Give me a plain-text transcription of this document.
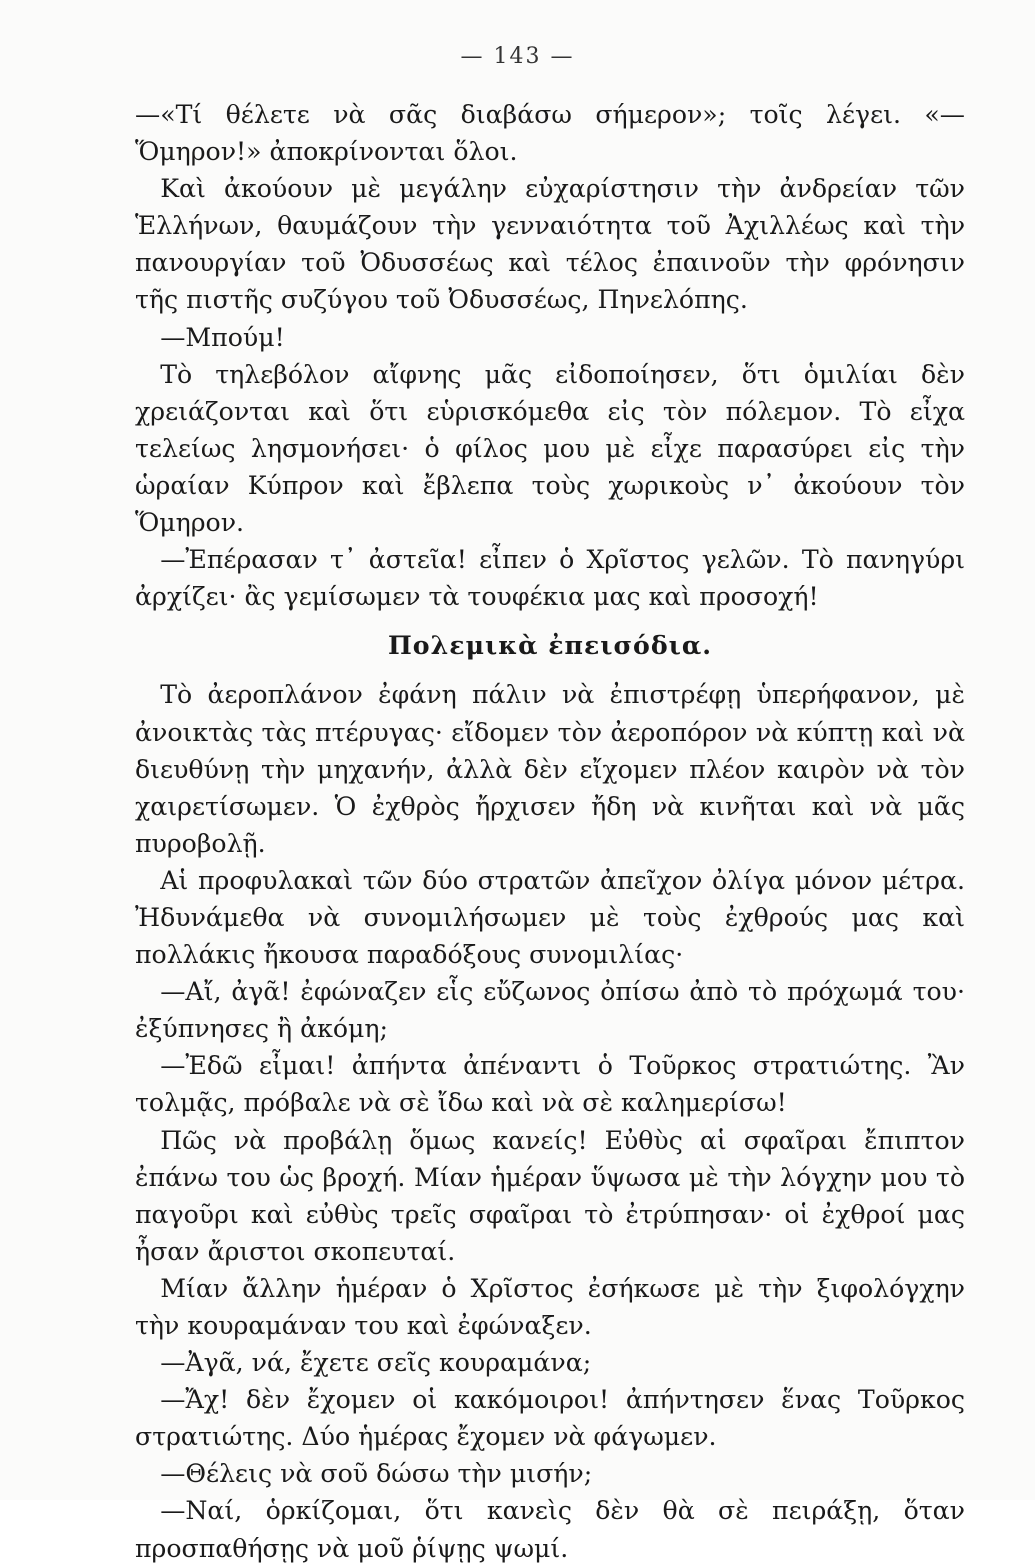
— 143 —

—«Τί θέλετε νὰ σᾶς διαβάσω σήμερον»; τοῖς λέγει. «—Ὅμηρον!» ἀποκρίνονται ὅλοι.

Καὶ ἀκούουν μὲ μεγάλην εὐχαρίστησιν τὴν ἀνδρείαν τῶν Ἑλλήνων, θαυμάζουν τὴν γενναιότητα τοῦ Ἀχιλλέως καὶ τὴν πανουργίαν τοῦ Ὀδυσσέως καὶ τέλος ἐπαινοῦν τὴν φρόνησιν τῆς πιστῆς συζύγου τοῦ Ὀδυσσέως, Πηνελόπης.

—Μπούμ!

Τὸ τηλεβόλον αἴφνης μᾶς εἰδοποίησεν, ὅτι ὁμιλίαι δὲν χρειάζονται καὶ ὅτι εὑρισκόμεθα εἰς τὸν πόλεμον. Τὸ εἶχα τελείως λησμονήσει· ὁ φίλος μου μὲ εἶχε παρασύρει εἰς τὴν ὡραίαν Κύπρον καὶ ἔβλεπα τοὺς χωρικοὺς ν᾽ ἀκούουν τὸν Ὅμηρον.

—Ἐπέρασαν τ᾽ ἀστεῖα! εἶπεν ὁ Χρῖστος γελῶν. Τὸ πανηγύρι ἀρχίζει· ἂς γεμίσωμεν τὰ τουφέκια μας καὶ προσοχή!

Πολεμικὰ ἐπεισόδια.

Τὸ ἀεροπλάνον ἐφάνη πάλιν νὰ ἐπιστρέφῃ ὑπερήφανον, μὲ ἀνοικτὰς τὰς πτέρυγας· εἴδομεν τὸν ἀεροπόρον νὰ κύπτῃ καὶ νὰ διευθύνῃ τὴν μηχανήν, ἀλλὰ δὲν εἴχομεν πλέον καιρὸν νὰ τὸν χαιρετίσωμεν. Ὁ ἐχθρὸς ἤρχισεν ἤδη νὰ κινῆται καὶ νὰ μᾶς πυροβολῇ.

Αἱ προφυλακαὶ τῶν δύο στρατῶν ἀπεῖχον ὀλίγα μόνον μέτρα. Ἠδυνάμεθα νὰ συνομιλήσωμεν μὲ τοὺς ἐχθρούς μας καὶ πολλάκις ἤκουσα παραδόξους συνομιλίας·

—Αἴ, ἀγᾶ! ἐφώναζεν εἷς εὔζωνος ὀπίσω ἀπὸ τὸ πρόχωμά του· ἐξύπνησες ἢ ἀκόμη;

—Ἐδῶ εἶμαι! ἀπήντα ἀπέναντι ὁ Τοῦρκος στρατιώτης. Ἂν τολμᾷς, πρόβαλε νὰ σὲ ἴδω καὶ νὰ σὲ καλημερίσω!

Πῶς νὰ προβάλῃ ὅμως κανείς! Εὐθὺς αἱ σφαῖραι ἔπιπτον ἐπάνω του ὡς βροχή. Μίαν ἡμέραν ὕψωσα μὲ τὴν λόγχην μου τὸ παγοῦρι καὶ εὐθὺς τρεῖς σφαῖραι τὸ ἐτρύπησαν· οἱ ἐχθροί μας ἦσαν ἄριστοι σκοπευταί.

Μίαν ἄλλην ἡμέραν ὁ Χρῖστος ἐσήκωσε μὲ τὴν ξιφολόγχην τὴν κουραμάναν του καὶ ἐφώναξεν.

—Ἀγᾶ, νά, ἔχετε σεῖς κουραμάνα;

—Ἄχ! δὲν ἔχομεν οἱ κακόμοιροι! ἀπήντησεν ἕνας Τοῦρκος στρατιώτης. Δύο ἡμέρας ἔχομεν νὰ φάγωμεν.

—Θέλεις νὰ σοῦ δώσω τὴν μισήν;

—Ναί, ὁρκίζομαι, ὅτι κανεὶς δὲν θὰ σὲ πειράξῃ, ὅταν προσπαθήσῃς νὰ μοῦ ῥίψῃς ψωμί.
